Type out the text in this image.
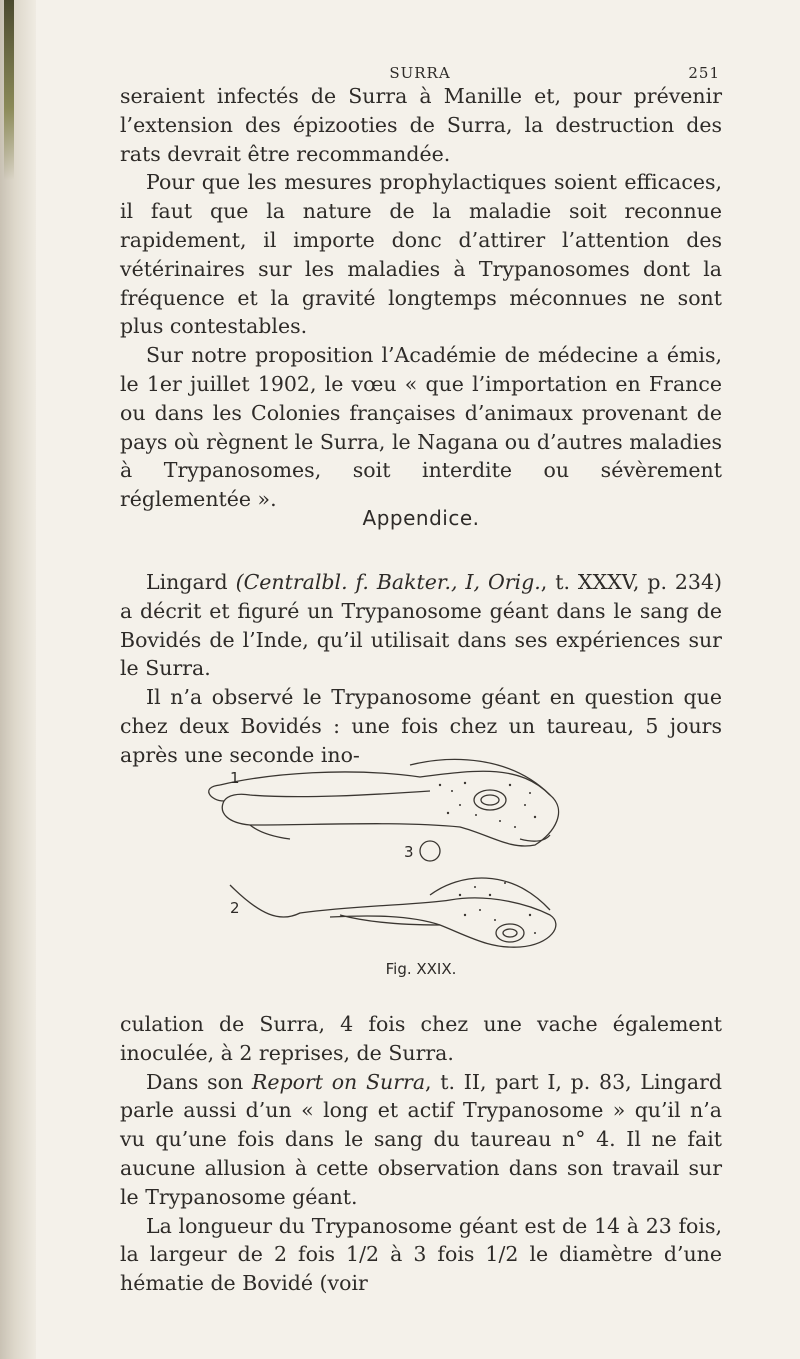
SURRA	251

seraient infectés de Surra à Manille et, pour prévenir l’extension des épizooties de Surra, la destruction des rats devrait être recommandée.

Pour que les mesures prophylactiques soient efficaces, il faut que la nature de la maladie soit reconnue rapidement, il importe donc d’attirer l’attention des vétérinaires sur les maladies à Trypanosomes dont la fréquence et la gravité longtemps méconnues ne sont plus contestables.

Sur notre proposition l’Académie de médecine a émis, le 1er juillet 1902, le vœu « que l’importation en France ou dans les Colonies françaises d’animaux provenant de pays où règnent le Surra, le Nagana ou d’autres maladies à Trypanosomes, soit interdite ou sévèrement réglementée ».

Appendice.

Lingard (Centralbl. f. Bakter., I, Orig., t. XXXV, p. 234) a décrit et figuré un Trypanosome géant dans le sang de Bovidés de l’Inde, qu’il utilisait dans ses expériences sur le Surra.

Il n’a observé le Trypanosome géant en question que chez deux Bovidés : une fois chez un taureau, 5 jours après une seconde ino-

1
3
2
Fig. XXIX.

culation de Surra, 4 fois chez une vache également inoculée, à 2 reprises, de Surra.

Dans son Report on Surra, t. II, part I, p. 83, Lingard parle aussi d’un « long et actif Trypanosome » qu’il n’a vu qu’une fois dans le sang du taureau n° 4. Il ne fait aucune allusion à cette observation dans son travail sur le Trypanosome géant.

La longueur du Trypanosome géant est de 14 à 23 fois, la largeur de 2 fois 1/2 à 3 fois 1/2 le diamètre d’une hématie de Bovidé (voir
